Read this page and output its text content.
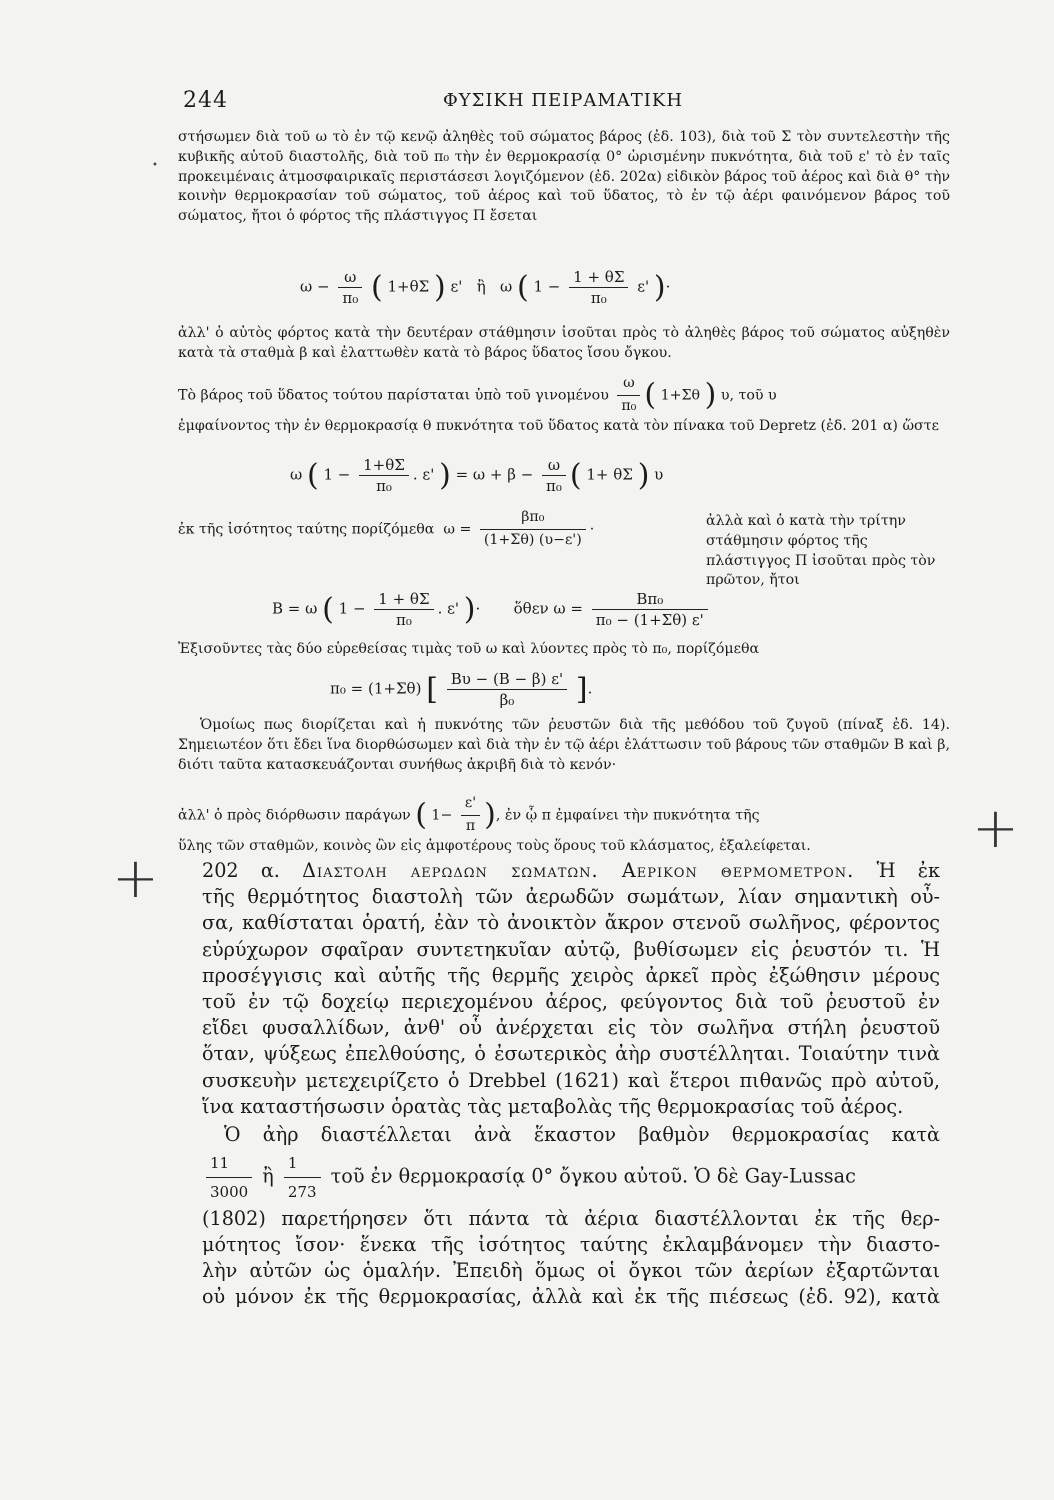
244	ΦΥΣΙΚΗ ΠΕΙΡΑΜΑΤΙΚΗ

στήσωμεν διὰ τοῦ ω τὸ ἐν τῷ κενῷ ἀληθὲς τοῦ σώματος βάρος (ἐδ. 103), διὰ τοῦ Σ τὸν συντελεστὴν τῆς κυβικῆς αὐτοῦ διαστολῆς, διὰ τοῦ π₀ τὴν ἐν θερμοκρασίᾳ 0° ὡρισμένην πυκνότητα, διὰ τοῦ ε' τὸ ἐν ταῖς προκειμέναις ἀτμοσφαιρικαῖς περιστάσεσι λογιζόμενον (ἐδ. 202α) εἰδικὸν βάρος τοῦ ἀέρος καὶ διὰ θ° τὴν κοινὴν θερμοκρασίαν τοῦ σώματος, τοῦ ἀέρος καὶ τοῦ ὕδατος, τὸ ἐν τῷ ἀέρι φαινόμενον βάρος τοῦ σώματος, ἤτοι ὁ φόρτος τῆς πλάστιγγος Π ἔσεται

$\omega - \frac{\omega}{\text{π₀}}$ ( 1+θΣ ) ε'   ἢ   ω ( $1 - \frac{1 + \theta\Sigma}{\text{π₀}} \varepsilon'$ )·

ἀλλ' ὁ αὐτὸς φόρτος κατὰ τὴν δευτέραν στάθμησιν ἰσοῦται πρὸς τὸ ἀληθὲς βάρος τοῦ σώματος αὐξηθὲν κατὰ τὰ σταθμὰ β καὶ ἐλαττωθὲν κατὰ τὸ βάρος ὕδατος ἴσου ὄγκου.

Τὸ βάρος τοῦ ὕδατος τούτου παρίσταται ὑπὸ τοῦ γινομένου $\frac{\omega}{\text{π₀}}$ ( 1+Σθ ) υ, τοῦ υ

ἐμφαίνοντος τὴν ἐν θερμοκρασίᾳ θ πυκνότητα τοῦ ὕδατος κατὰ τὸν πίνακα τοῦ Depretz (ἐδ. 201 α) ὥστε

ω ( $1 - \frac{1+\theta\Sigma}{\text{π₀}}$ . ε' ) = $\omega + \beta - \frac{\omega}{\text{π₀}}$ ( 1+ θΣ ) υ
ἐκ τῆς ἰσότητος ταύτης πορίζόμεθα  $\omega = \frac{\text{βπ₀}}{(1+\Sigma\theta) (\upsilon-\varepsilon')}$ ·

ἀλλὰ καὶ ὁ κατὰ τὴν τρίτην στάθμησιν φόρτος τῆς πλάστιγγος Π ἰσοῦται πρὸς τὸν πρῶτον, ἤτοι

Β = ω ( $1 - \frac{1 + \theta\Sigma}{\text{π₀}}$ . ε' )·       ὅθεν $\omega = \frac{\text{Βπ₀}}{\text{π₀ − (1+Σθ) ε'}}$

Ἐξισοῦντες τὰς δύο εὑρεθείσας τιμὰς τοῦ ω καὶ λύοντες πρὸς τὸ π₀, πορίζόμεθα

π₀ = (1+Σθ) [ $\frac{B\upsilon - (B - \beta) \varepsilon'}{\text{β₀}}$ ].

Ὁμοίως πως διορίζεται καὶ ἡ πυκνότης τῶν ῥευστῶν διὰ τῆς μεθόδου τοῦ ζυγοῦ (πίναξ ἐδ. 14). Σημειωτέον ὅτι ἔδει ἵνα διορθώσωμεν καὶ διὰ τὴν ἐν τῷ ἀέρι ἐλάττωσιν τοῦ βάρους τῶν σταθμῶν Β καὶ β, διότι ταῦτα κατασκευάζονται συνήθως ἀκριβῆ διὰ τὸ κενόν·

ἀλλ' ὁ πρὸς διόρθωσιν παράγων ( $1- \frac{\varepsilon'}{\pi}$ ), ἐν ᾧ π ἐμφαίνει τὴν πυκνότητα τῆς

ὕλης τῶν σταθμῶν, κοινὸς ὢν εἰς ἀμφοτέρους τοὺς ὅρους τοῦ κλάσματος, ἐξαλείφεται.

202 α. Διαστολη αερωδων σωματων. Αερικον θερμομετρον. Ἡ ἐκ

τῆς θερμότητος διαστολὴ τῶν ἀερωδῶν σωμάτων, λίαν σημαντικὴ οὖ-

σα, καθίσταται ὁρατή, ἐὰν τὸ ἀνοικτὸν ἄκρον στενοῦ σωλῆνος, φέροντος

εὐρύχωρον σφαῖραν συντετηκυῖαν αὐτῷ, βυθίσωμεν εἰς ῥευστόν τι. Ἡ

προσέγγισις καὶ αὐτῆς τῆς θερμῆς χειρὸς ἀρκεῖ πρὸς ἐξώθησιν μέρους

τοῦ ἐν τῷ δοχείῳ περιεχομένου ἀέρος, φεύγοντος διὰ τοῦ ῥευστοῦ ἐν

εἴδει φυσαλλίδων, ἀνθ' οὗ ἀνέρχεται εἰς τὸν σωλῆνα στήλη ῥευστοῦ

ὅταν, ψύξεως ἐπελθούσης, ὁ ἐσωτερικὸς ἀὴρ συστέλληται. Τοιαύτην τινὰ

συσκευὴν μετεχειρίζετο ὁ Drebbel (1621) καὶ ἕτεροι πιθανῶς πρὸ αὐτοῦ,

ἵνα καταστήσωσιν ὁρατὰς τὰς μεταβολὰς τῆς θερμοκρασίας τοῦ ἀέρος.

Ὁ ἀὴρ διαστέλλεται ἀνὰ ἕκαστον βαθμὸν θερμοκρασίας κατὰ

$\frac{11}{3000}$ ἢ $\frac{1}{273}$ τοῦ ἐν θερμοκρασίᾳ 0° ὄγκου αὐτοῦ. Ὁ δὲ Gay-Lussac

(1802) παρετήρησεν ὅτι πάντα τὰ ἀέρια διαστέλλονται ἐκ τῆς θερ-

μότητος ἴσον· ἕνεκα τῆς ἰσότητος ταύτης ἐκλαμβάνομεν τὴν διαστο-

λὴν αὐτῶν ὡς ὁμαλήν. Ἐπειδὴ ὅμως οἱ ὄγκοι τῶν ἀερίων ἐξαρτῶνται

οὐ μόνον ἐκ τῆς θερμοκρασίας, ἀλλὰ καὶ ἐκ τῆς πιέσεως (ἐδ. 92), κατὰ

+
+
•
